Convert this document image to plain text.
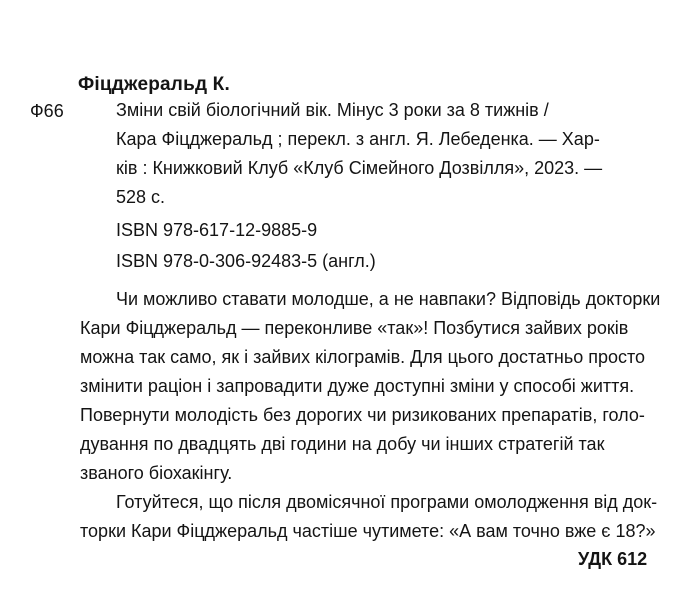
Фіцджеральд К.
Ф66	Зміни свій біологічний вік. Мінус 3 роки за 8 тижнів /
Кара Фіцджеральд ; перекл. з англ. Я. Лебеденка. — Хар-
ків : Книжковий Клуб «Клуб Сімейного Дозвілля», 2023. —
528 с.
ISBN 978-617-12-9885-9
ISBN 978-0-306-92483-5 (англ.)
Чи можливо ставати молодше, а не навпаки? Відповідь докторки
Кари Фіцджеральд — переконливе «так»! Позбутися зайвих років
можна так само, як і зайвих кілограмів. Для цього достатньо просто
змінити раціон і запровадити дуже доступні зміни у способі життя.
Повернути молодість без дорогих чи ризикованих препаратів, голо-
дування по двадцять дві години на добу чи інших стратегій так
званого біохакінгу.
Готуйтеся, що після двомісячної програми омолодження від док-
торки Кари Фіцджеральд частіше чутимете: «А вам точно вже є 18?»
УДК 612
